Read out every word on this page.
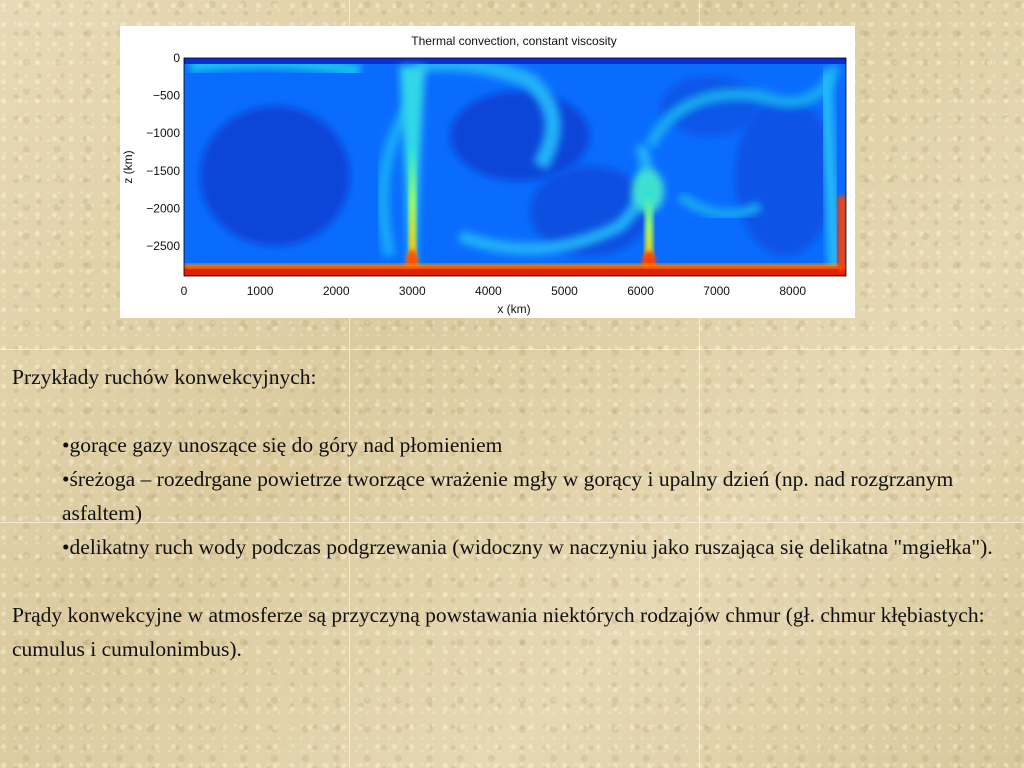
Thermal convection, constant viscosity
0
−500
−1000
−1500
−2000
−2500
0	1000	2000	3000	4000	5000	6000	7000	8000
x (km)
z (km)

Przykłady ruchów konwekcyjnych:

•gorące gazy unoszące się do góry nad płomieniem
•śreżoga – rozedrgane powietrze tworzące wrażenie mgły w gorący i upalny dzień (np. nad rozgrzanym asfaltem)
•delikatny ruch wody podczas podgrzewania (widoczny w naczyniu jako ruszająca się delikatna "mgiełka").

Prądy konwekcyjne w atmosferze są przyczyną powstawania niektórych rodzajów chmur (gł. chmur kłębiastych: cumulus i cumulonimbus).
